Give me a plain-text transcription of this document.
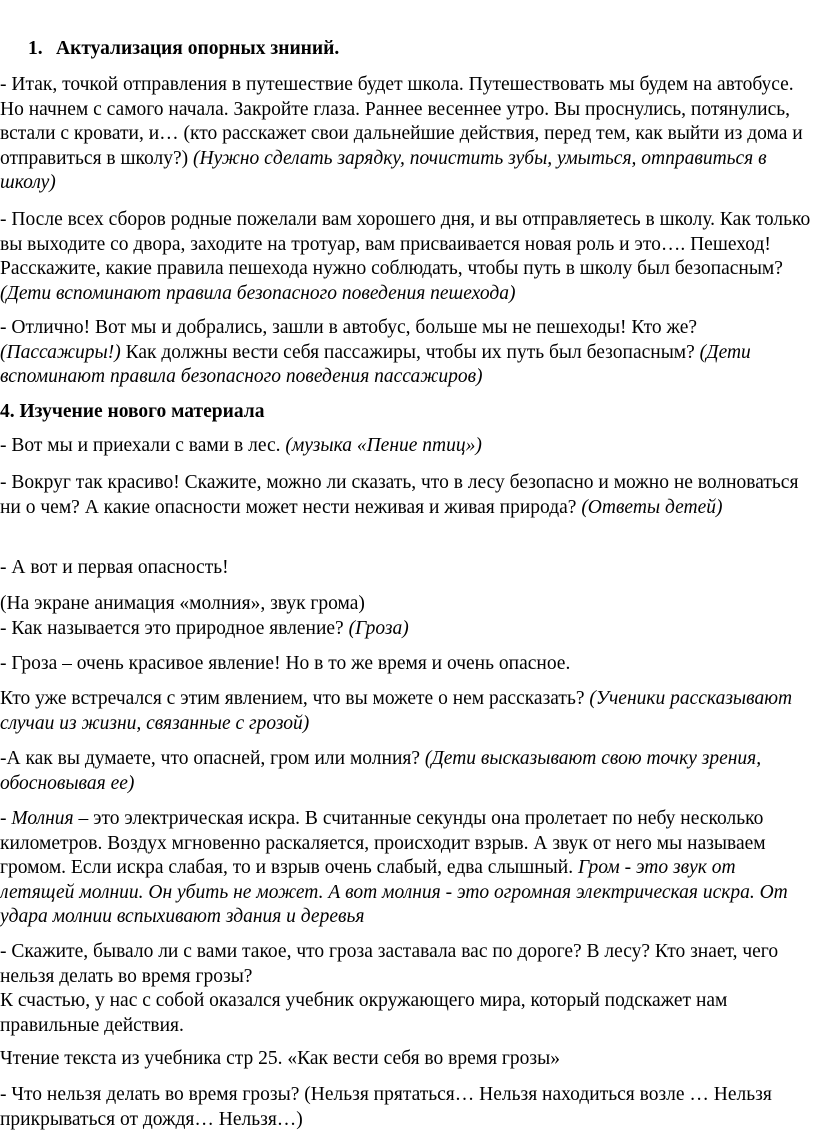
1. Актуализация опорных зниний.

- Итак, точкой отправления в путешествие будет школа. Путешествовать мы будем на автобусе. Но начнем с самого начала. Закройте глаза. Раннее весеннее утро. Вы проснулись, потянулись, встали с кровати, и… (кто расскажет свои дальнейшие действия, перед тем, как выйти из дома и отправиться в школу?) (Нужно сделать зарядку, почистить зубы, умыться, отправиться в школу)

- После всех сборов родные пожелали вам хорошего дня, и вы отправляетесь в школу. Как только вы выходите со двора, заходите на тротуар, вам присваивается новая роль и это…. Пешеход! Расскажите, какие правила пешехода нужно соблюдать, чтобы путь в школу был безопасным? (Дети вспоминают правила безопасного поведения пешехода)

- Отлично! Вот мы и добрались, зашли в автобус, больше мы не пешеходы! Кто же? (Пассажиры!) Как должны вести себя пассажиры, чтобы их путь был безопасным? (Дети вспоминают правила безопасного поведения пассажиров)

4. Изучение нового материала

- Вот мы и приехали с вами в лес. (музыка «Пение птиц»)

- Вокруг так красиво! Скажите, можно ли сказать, что в лесу безопасно и можно не волноваться ни о чем? А какие опасности может нести неживая и живая природа? (Ответы детей)

- А вот и первая опасность!

(На экране анимация «молния», звук грома)
- Как называется это природное явление? (Гроза)

- Гроза – очень красивое явление! Но в то же время и очень опасное.

Кто уже встречался с этим явлением, что вы можете о нем рассказать? (Ученики рассказывают случаи из жизни, связанные с грозой)

-А как вы думаете, что опасней, гром или молния? (Дети высказывают свою точку зрения, обосновывая ее)

- Молния – это электрическая искра. В считанные секунды она пролетает по небу несколько километров. Воздух мгновенно раскаляется, происходит взрыв. А звук от него мы называем громом. Если искра слабая, то и взрыв очень слабый, едва слышный. Гром - это звук от летящей молнии. Он убить не может. А вот молния - это огромная электрическая искра. От удара молнии вспыхивают здания и деревья

- Скажите, бывало ли с вами такое, что гроза заставала вас по дороге? В лесу? Кто знает, чего нельзя делать во время грозы?
К счастью, у нас с собой оказался учебник окружающего мира, который подскажет нам правильные действия.

Чтение текста из учебника стр 25. «Как вести себя во время грозы»

- Что нельзя делать во время грозы? (Нельзя прятаться… Нельзя находиться возле … Нельзя прикрываться от дождя… Нельзя…)
